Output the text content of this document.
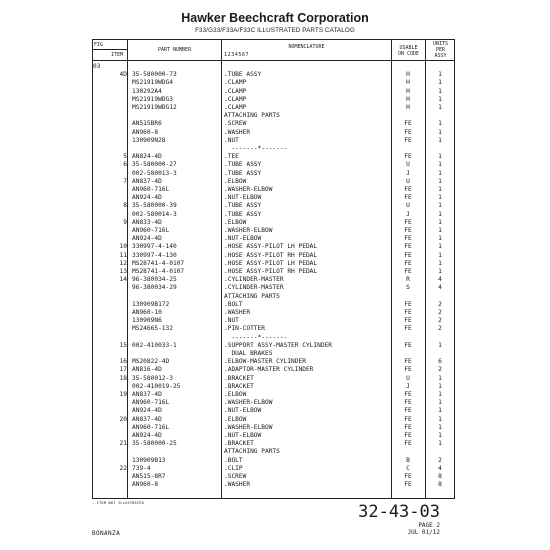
Hawker Beechcraft Corporation
F33/G33/F33A/F33C ILLUSTRATED PARTS CATALOG
FIG
ITEM
PART NUMBER	NOMENCLATURE
1234567
USABLE
ON CODE
UNITS
PER
ASSY
03
4D 35-580000-73	.TUBE ASSY	H	1
MS21919WDG4	.CLAMP	H	1
130292A4	.CLAMP	H	1
MS21919WDG3	.CLAMP	H	1
MS21919WDG12	.CLAMP	H	1
ATTACHING PARTS
AN515BR6	.SCREW	FE	1
AN960-8	.WASHER	FE	1
130909N28	.NUT	FE	1
-------*-------
5 AN824-4D	.TEE	FE	1
6 35-580000-27	.TUBE ASSY	U	1
002-580013-3	.TUBE ASSY	J	1
7 AN837-4D	.ELBOW	U	1
AN960-716L	.WASHER-ELBOW	FE	1
AN924-4D	.NUT-ELBOW	FE	1
8 35-580000-39	.TUBE ASSY	U	1
002-580014-3	.TUBE ASSY	J	1
9 AN833-4D	.ELBOW	FE	1
AN960-716L	.WASHER-ELBOW	FE	1
AN924-4D	.NUT-ELBOW	FE	1
10 330997-4-140	.HOSE ASSY-PILOT LH PEDAL	FE	1
11 330997-4-130	.HOSE ASSY-PILOT RH PEDAL	FE	1
12 MS28741-4-0107	.HOSE ASSY-PILOT LH PEDAL	FE	1
13 MS28741-4-0107	.HOSE ASSY-PILOT RH PEDAL	FE	1
14 96-380034-25	.CYLINDER-MASTER	R	4
96-380034-29	.CYLINDER-MASTER	S	4
ATTACHING PARTS
130909B172	.BOLT	FE	2
AN960-10	.WASHER	FE	2
130909N6	.NUT	FE	2
MS24665-132	.PIN-COTTER	FE	2
-------*-------
15 002-410033-1	.SUPPORT ASSY-MASTER CYLINDER	FE	1
DUAL BRAKES
16 MS20822-4D	.ELBOW-MASTER CYLINDER	FE	6
17 AN816-4D	.ADAPTOR-MASTER CYLINDER	FE	2
18 35-580012-3	.BRACKET	U	1
002-410019-25	.BRACKET	J	1
19 AN837-4D	.ELBOW	FE	1
AN960-716L	.WASHER-ELBOW	FE	1
AN924-4D	.NUT-ELBOW	FE	1
20 AN837-4D	.ELBOW	FE	1
AN960-716L	.WASHER-ELBOW	FE	1
AN924-4D	.NUT-ELBOW	FE	1
21 35-580000-25	.BRACKET	FE	1
ATTACHING PARTS
130909B13	.BOLT	B	2
22 739-4	.CLIP	C	4
AN515-8R7	.SCREW	FE	8
AN960-8	.WASHER	FE	8
- ITEM NOT ILLUSTRATED	32-43-03
PAGE 2
JUL 01/12
BONANZA
